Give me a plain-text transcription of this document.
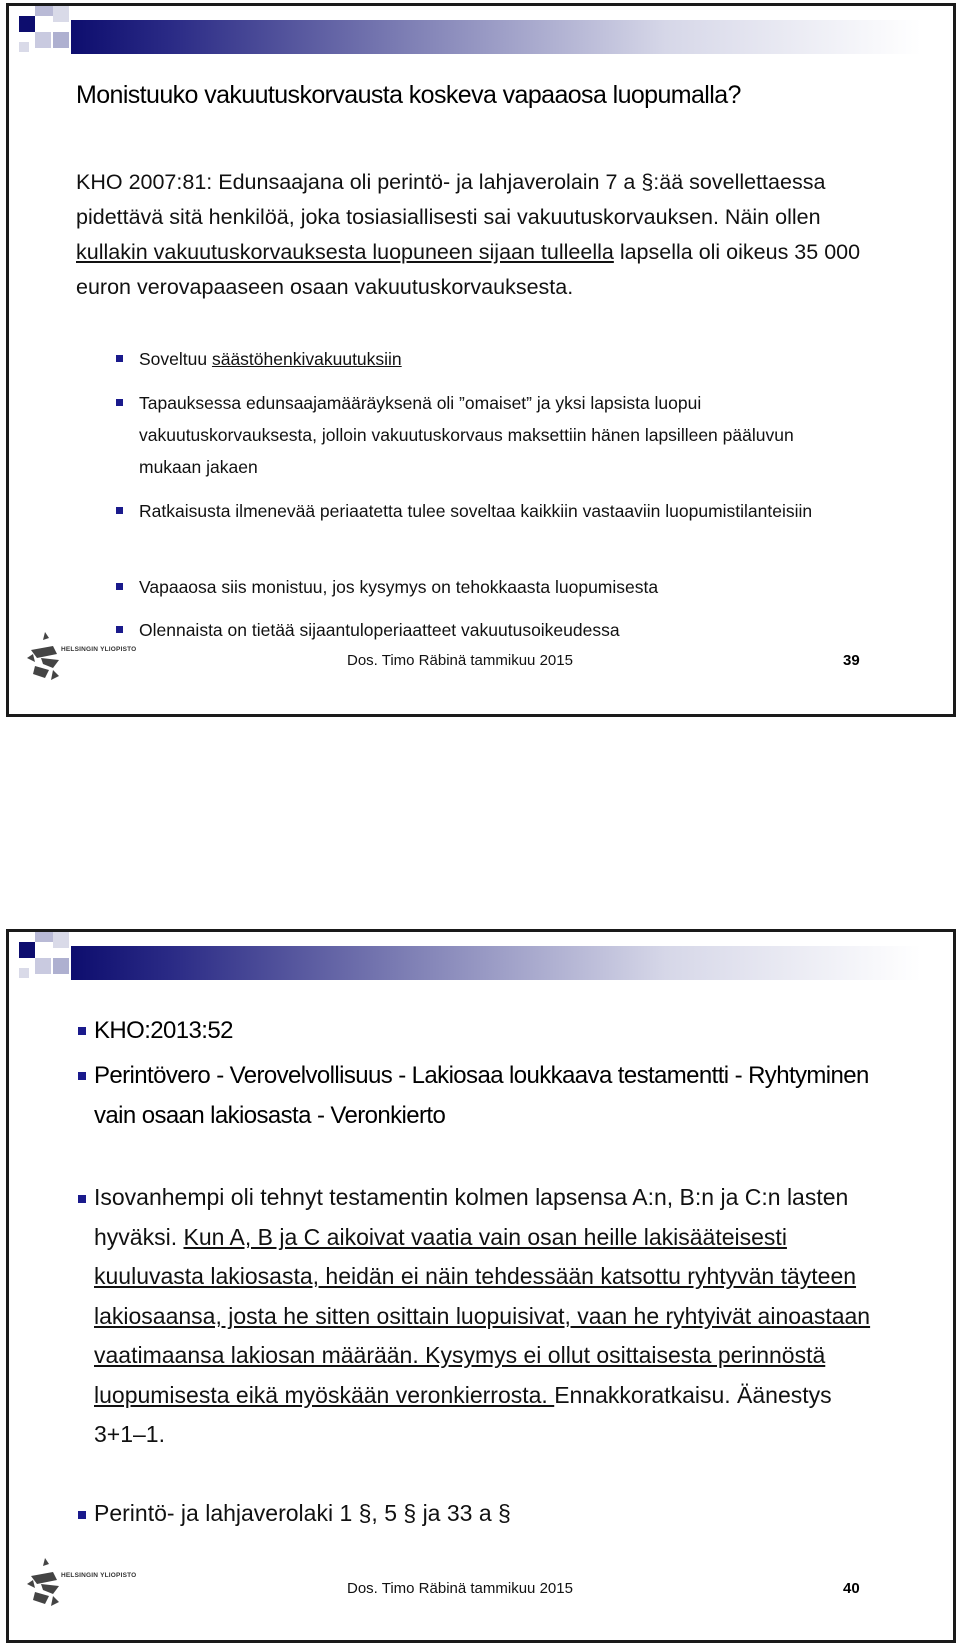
Monistuuko vakuutuskorvausta koskeva vapaaosa luopumalla?
KHO 2007:81: Edunsaajana oli perintö- ja lahjaverolain 7 a §:ää sovellettaessa pidettävä sitä henkilöä, joka tosiasiallisesti sai vakuutuskorvauksen. Näin ollen kullakin vakuutuskorvauksesta luopuneen sijaan tulleella lapsella oli oikeus 35 000 euron verovapaaseen osaan vakuutuskorvauksesta.
Soveltuu säästöhenkivakuutuksiin
Tapauksessa edunsaajamääräyksenä oli ”omaiset” ja yksi lapsista luopui vakuutuskorvauksesta, jolloin vakuutuskorvaus maksettiin hänen lapsilleen pääluvun mukaan jakaen
Ratkaisusta ilmenevää periaatetta tulee soveltaa kaikkiin vastaaviin luopumistilanteisiin
Vapaaosa siis monistuu, jos kysymys on tehokkaasta luopumisesta
Olennaista on tietää sijaantuloperiaatteet vakuutusoikeudessa
HELSINGIN YLIOPISTO
Dos. Timo Räbinä tammikuu 2015	39
KHO:2013:52
Perintövero - Verovelvollisuus - Lakiosaa loukkaava testamentti - Ryhtyminen vain osaan lakiosasta - Veronkierto
Isovanhempi oli tehnyt testamentin kolmen lapsensa A:n, B:n ja C:n lasten hyväksi. Kun A, B ja C aikoivat vaatia vain osan heille lakisääteisesti kuuluvasta lakiosasta, heidän ei näin tehdessään katsottu ryhtyvän täyteen lakiosaansa, josta he sitten osittain luopuisivat, vaan he ryhtyivät ainoastaan vaatimaansa lakiosan määrään. Kysymys ei ollut osittaisesta perinnöstä luopumisesta eikä myöskään veronkierrosta. Ennakkoratkaisu. Äänestys 3+1–1.
Perintö- ja lahjaverolaki 1 §, 5 § ja 33 a §
HELSINGIN YLIOPISTO
Dos. Timo Räbinä tammikuu 2015	40
